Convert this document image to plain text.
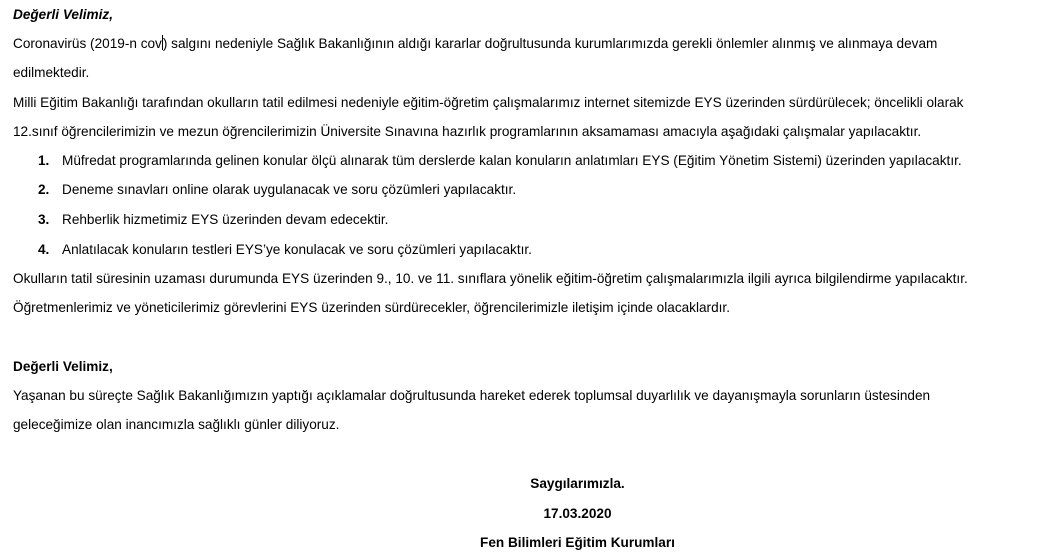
Değerli Velimiz,
Coronavirüs (2019-n cov) salgını nedeniyle Sağlık Bakanlığının aldığı kararlar doğrultusunda kurumlarımızda gerekli önlemler alınmış ve alınmaya devam
edilmektedir.
Milli Eğitim Bakanlığı tarafından okulların tatil edilmesi nedeniyle eğitim-öğretim çalışmalarımız internet sitemizde EYS üzerinden sürdürülecek; öncelikli olarak
12.sınıf öğrencilerimizin ve mezun öğrencilerimizin Üniversite Sınavına hazırlık programlarının aksamaması amacıyla aşağıdaki çalışmalar yapılacaktır.
1. Müfredat programlarında gelinen konular ölçü alınarak tüm derslerde kalan konuların anlatımları EYS (Eğitim Yönetim Sistemi) üzerinden yapılacaktır.
2. Deneme sınavları online olarak uygulanacak ve soru çözümleri yapılacaktır.
3. Rehberlik hizmetimiz EYS üzerinden devam edecektir.
4. Anlatılacak konuların testleri EYS’ye konulacak ve soru çözümleri yapılacaktır.
Okulların tatil süresinin uzaması durumunda EYS üzerinden 9., 10. ve 11. sınıflara yönelik eğitim-öğretim çalışmalarımızla ilgili ayrıca bilgilendirme yapılacaktır.
Öğretmenlerimiz ve yöneticilerimiz görevlerini EYS üzerinden sürdürecekler, öğrencilerimizle iletişim içinde olacaklardır.
Değerli Velimiz,
Yaşanan bu süreçte Sağlık Bakanlığımızın yaptığı açıklamalar doğrultusunda hareket ederek toplumsal duyarlılık ve dayanışmayla sorunların üstesinden
geleceğimize olan inancımızla sağlıklı günler diliyoruz.
Saygılarımızla.
17.03.2020
Fen Bilimleri Eğitim Kurumları
